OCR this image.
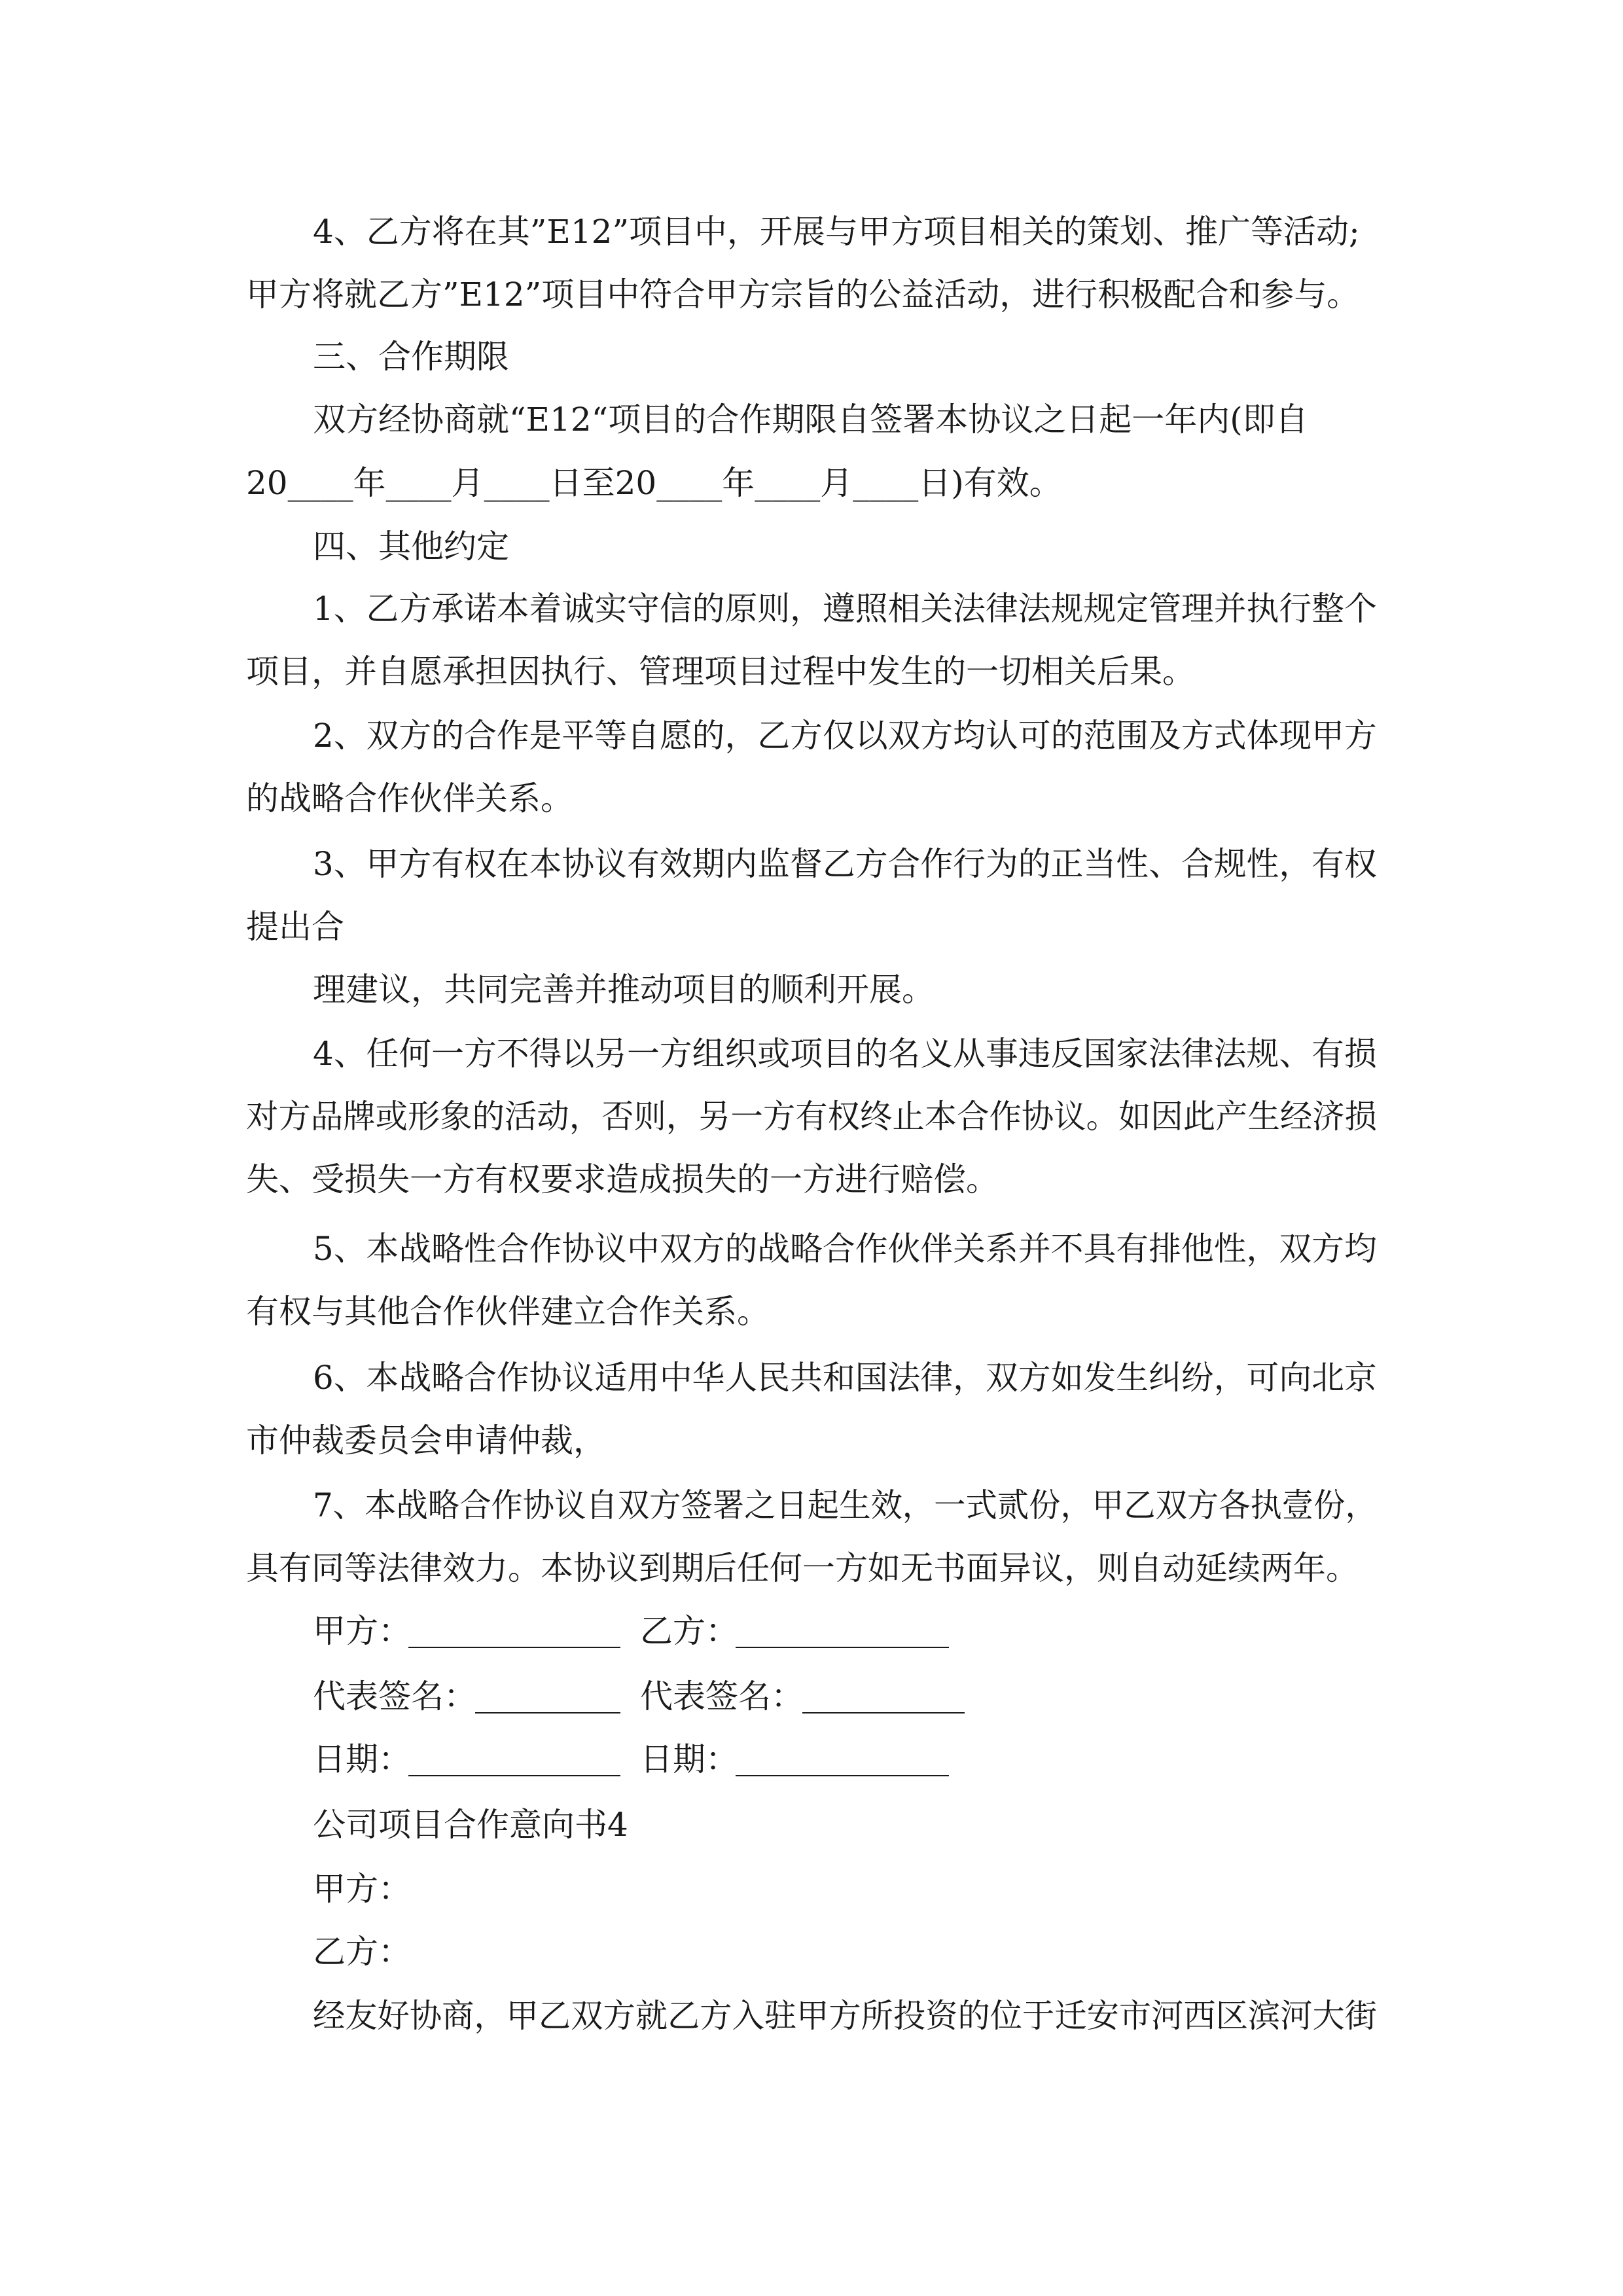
4、乙方将在其”E12”项目中，开展与甲方项目相关的策划、推广等活动;
甲方将就乙方”E12”项目中符合甲方宗旨的公益活动，进行积极配合和参与。
三、合作期限
双方经协商就“E12“项目的合作期限自签署本协议之日起一年内(即自
20____年____月____日至20____年____月____日)有效。
四、其他约定
1、乙方承诺本着诚实守信的原则，遵照相关法律法规规定管理并执行整个
项目，并自愿承担因执行、管理项目过程中发生的一切相关后果。
2、双方的合作是平等自愿的，乙方仅以双方均认可的范围及方式体现甲方
的战略合作伙伴关系。
3、甲方有权在本协议有效期内监督乙方合作行为的正当性、合规性，有权
提出合
理建议，共同完善并推动项目的顺利开展。
4、任何一方不得以另一方组织或项目的名义从事违反国家法律法规、有损
对方品牌或形象的活动，否则，另一方有权终止本合作协议。如因此产生经济损
失、受损失一方有权要求造成损失的一方进行赔偿。
5、本战略性合作协议中双方的战略合作伙伴关系并不具有排他性，双方均
有权与其他合作伙伴建立合作关系。
6、本战略合作协议适用中华人民共和国法律，双方如发生纠纷，可向北京
市仲裁委员会申请仲裁，
7、本战略合作协议自双方签署之日起生效，一式贰份，甲乙双方各执壹份，
具有同等法律效力。本协议到期后任何一方如无书面异议，则自动延续两年。
甲方：	乙方：
代表签名：	代表签名：
日期：	日期：
公司项目合作意向书4
甲方：
乙方：
经友好协商，甲乙双方就乙方入驻甲方所投资的位于迁安市河西区滨河大街
